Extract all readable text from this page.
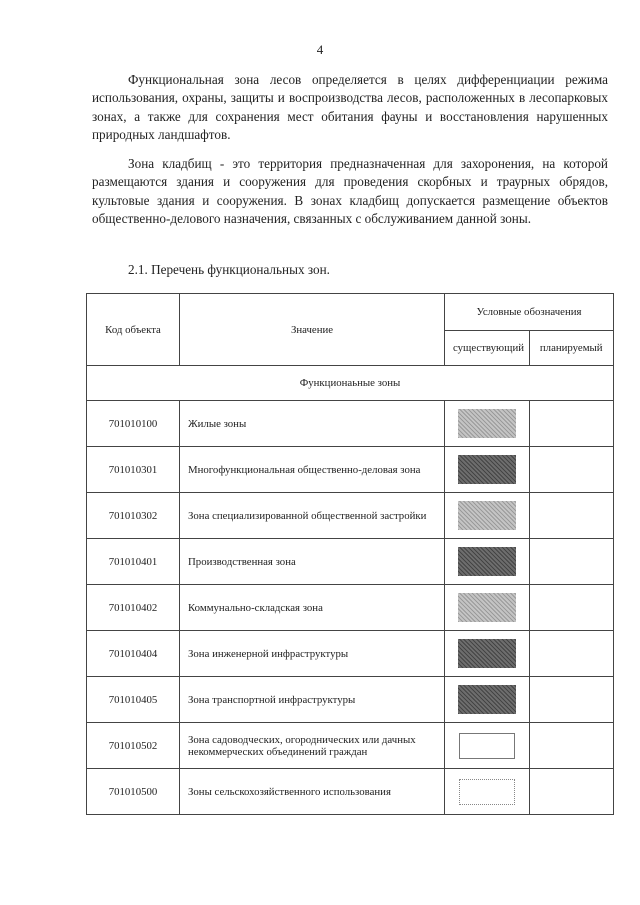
4

Функциональная зона лесов определяется в целях дифференциации режима использования, охраны, защиты и воспроизводства лесов, расположенных в лесопарковых зонах, а также для сохранения мест обитания фауны и восстановления нарушенных природных ландшафтов.

Зона кладбищ - это территория предназначенная для захоронения, на которой размещаются здания и сооружения для проведения скорбных и траурных обрядов, культовые здания и сооружения. В зонах кладбищ допускается размещение объектов общественно-делового назначения, связанных с обслуживанием данной зоны.

2.1. Перечень функциональных зон.
Код объекта	Значение	Условные обозначения	
		существующий	планируемый
Функционаьные зоны			
701010100	Жилые зоны	

701010301	Многофункциональная общественно-деловая зона	

701010302	Зона специализированной общественной застройки	

701010401	Производственная зона	

701010402	Коммунально-складская зона	

701010404	Зона инженерной инфраструктуры	

701010405	Зона транспортной инфраструктуры	

701010502	Зона садоводческих, огороднических или дачных некоммерческих объединений граждан	

701010500	Зоны сельскохозяйственного использования	
